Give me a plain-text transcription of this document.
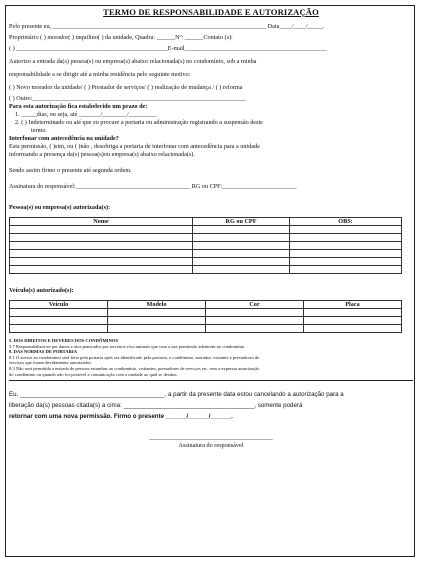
TERMO DE RESPONSABILIDADE E AUTORIZAÇÃO

Pelo presente eu, _____________________________________________________________________ Data____/____/_____.

Proprietário ( ) morador( ) inquilino( ) da unidade, Quadra: ______Nº: ______Contato (s):

( ) _________________________________________________E-mail______________________________________________

Autorizo a entrada da(s) pessoa(s) ou empresa(s) abaixo relacionada(s) no condomínio, sob a minha

responsabilidade a se dirigir até a minha residência pelo seguinte motivo:

( ) Novo morador da unidade/ ( ) Prestador de serviços/ ( ) realização de mudança / ( ) reforma

( ) Outro:_____________________________________________________________________

Para esta autorização fica estabelecido um prazo de:

1. _____dias, ou seja, até _______/________/_________

2. ( ) Indeterminado ou até que eu procure a portaria ou administração registrando a suspensão deste

termo.

Interfonar com antecedência na unidade?

Esta permissão, ( )sim, ou ( )não , desobriga a portaria de interfonar com antecedência para a unidade

informando a presença da(s) pessoa(s)ou empresa(s) abaixo relacionada(s).

Sendo assim firmo o presente até segunda ordem.

Assinatura do responsável:_____________________________________ RG ou CPF:________________________

Pessoa(s) ou empresa(s) autorizada(s):

Nome	RG ou CPF	OBS:

Veículo(s) autorizado(s):

Veículo	Modelo	Cor	Placa

5. DOS DIREITOS E DEVERES DOS CONDÔMINOS

5.7 Responsabilizar-se por danos e atos praticados por terceiros e/ou animais que com a sua permissão adentrem no condomínio.

8. DAS NORMAS DE PORTARIA

8.1 O acesso ao condomínio será feito pela portaria após ser identificado pela portaria, o condômino, morador, visitante e prestadores de

serviços que foram devidamente autorizados.

8.3 Não será permitida a entrada de pessoas estranhas ao condomínio, visitantes, prestadores de serviços etc. sem a expressa autorização

do condômino ou quando não for possível a comunicação com a unidade ao qual se destina.

Eu, __________________________________________, a partir da presente data estou cancelando a autorização para a

liberação da(s) pessoas citada(s) a cima: ______________________________________, somente poderá

retornar com uma nova permissão. Firmo o presente ______/______/______.

________________________________________

Assinatura do responsável
